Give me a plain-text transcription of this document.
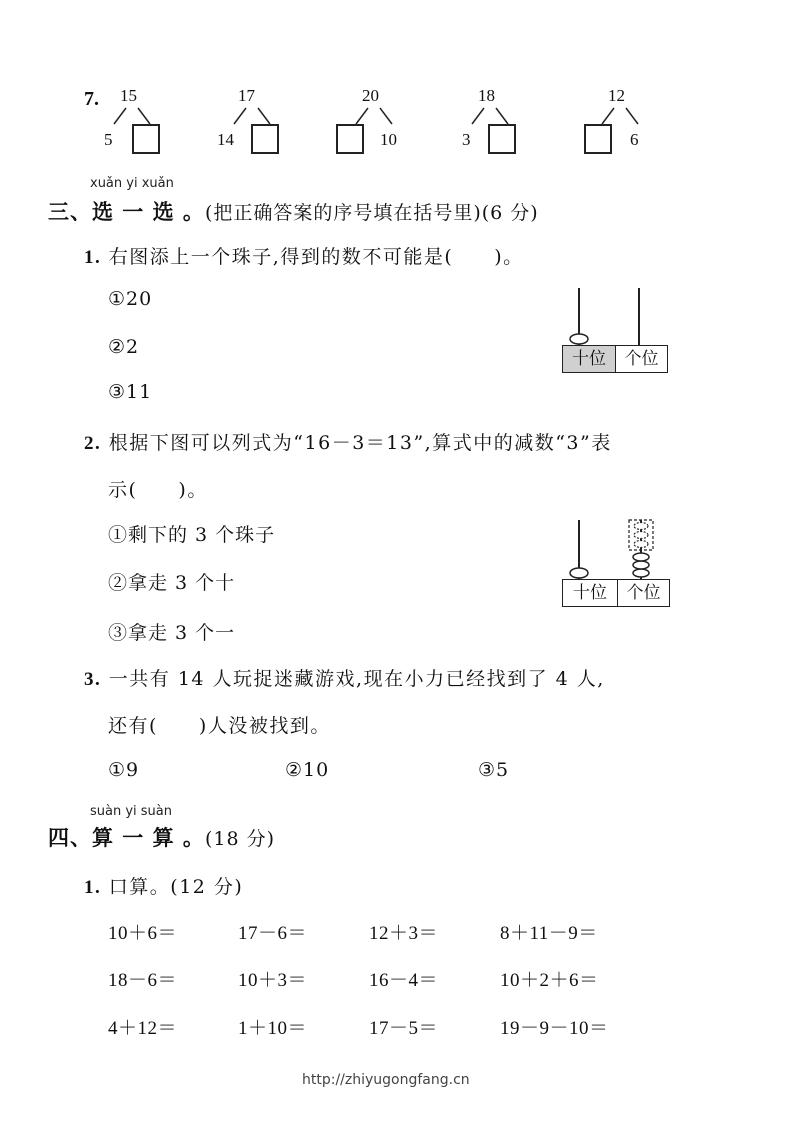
7. 15
5
17
14
20
10
18
3
12
6
xuǎn yi xuǎn
三、选 一 选 。(把正确答案的序号填在括号里)(6 分)
1. 右图添上一个珠子,得到的数不可能是(　　)。
①20
②2
③11
十位	个位
2. 根据下图可以列式为“16－3＝13”,算式中的减数“3”表
示(　　)。
①剩下的 3 个珠子
②拿走 3 个十
③拿走 3 个一
十位	个位
3. 一共有 14 人玩捉迷藏游戏,现在小力已经找到了 4 人,
还有(　　)人没被找到。
①9	②10	③5
suàn yi suàn
四、算 一 算 。(18 分)
1. 口算。(12 分)
10＋6＝	17－6＝	12＋3＝	8＋11－9＝
18－6＝	10＋3＝	16－4＝	10＋2＋6＝
4＋12＝	1＋10＝	17－5＝	19－9－10＝
http://zhiyugongfang.cn
